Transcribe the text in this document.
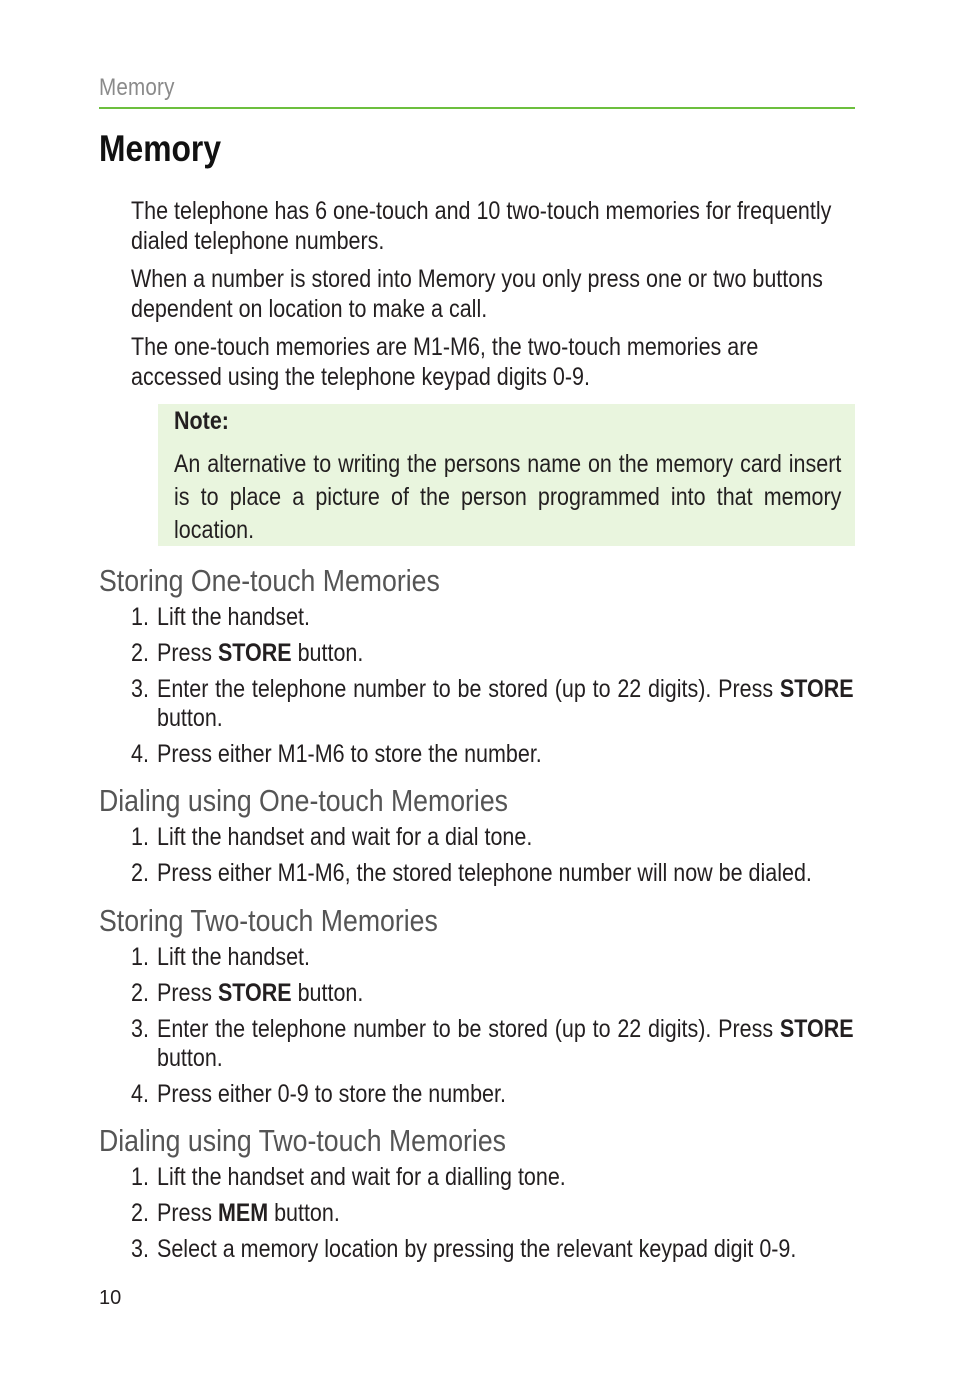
Memory
Memory

The telephone has 6 one-touch and 10 two-touch memories for frequently dialed telephone numbers.

When a number is stored into Memory you only press one or two buttons dependent on location to make a call.

The one-touch memories are M1-M6, the two-touch memories are accessed using the telephone keypad digits 0-9.

Note:
An alternative to writing the persons name on the memory card insert is to place a picture of the person programmed into that memory location.
Storing One-touch Memories
1. Lift the handset.
2. Press STORE button.
3. Enter the telephone number to be stored (up to 22 digits). Press STORE button.
4. Press either M1-M6 to store the number.
Dialing using One-touch Memories
1. Lift the handset and wait for a dial tone.
2. Press either M1-M6, the stored telephone number will now be dialed.
Storing Two-touch Memories
1. Lift the handset.
2. Press STORE button.
3. Enter the telephone number to be stored (up to 22 digits). Press STORE button.
4. Press either 0-9 to store the number.
Dialing using Two-touch Memories
1. Lift the handset and wait for a dialling tone.
2. Press MEM button.
3. Select a memory location by pressing the relevant keypad digit 0-9.
10
